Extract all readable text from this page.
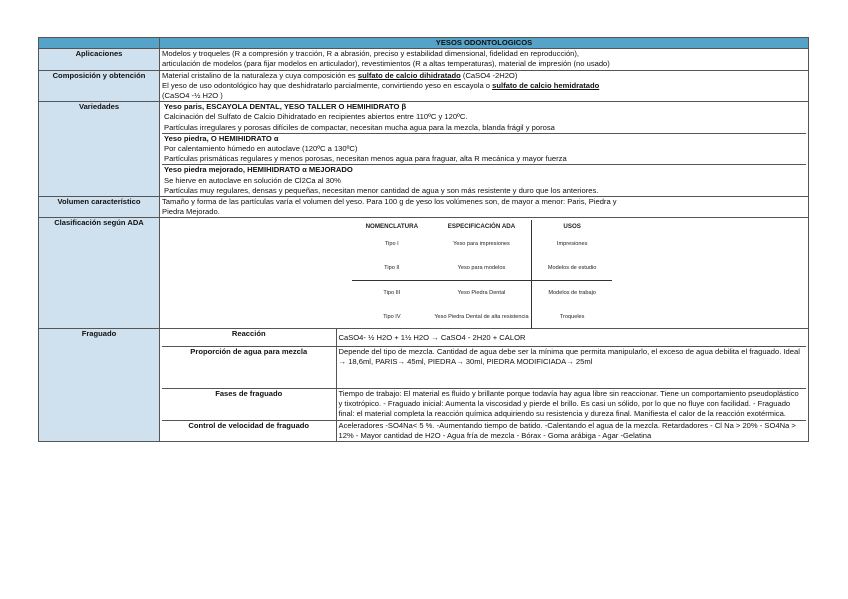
	YESOS ODONTOLOGICOS
Aplicaciones	Modelos y troqueles (R a compresión y tracción, R a abrasión, preciso y estabilidad dimensional, fidelidad en reproducción),
articulación de modelos (para fijar modelos en articulador), revestimientos (R a altas temperaturas), material de impresión (no usado)

Composición y obtención	Material cristalino de la naturaleza y cuya composición es sulfato de calcio dihidratado (CaSO4 -2H2O)
El yeso de uso odontológico hay que deshidratarlo parcialmente, convirtiendo yeso en escayola o sulfato de calcio hemidratado
(CaSO4 -½ H2O )

Variedades	Yeso paris, ESCAYOLA DENTAL, YESO TALLER O HEMIHIDRATO β
Calcinación del Sulfato de Calcio Dihidratado en recipientes abiertos entre 110ºC y 120ºC.
Partículas irregulares y porosas difíciles de compactar, necesitan mucha agua para la mezcla, blanda frágil y porosa
Yeso piedra, O HEMIHIDRATO α
Por calentamiento húmedo en autoclave (120ºC a 130ºC)
Partículas prismáticas regulares y menos porosas, necesitan menos agua para fraguar, alta R mecánica y mayor fuerza
Yeso piedra mejorado, HEMIHIDRATO α MEJORADO
Se hierve en autoclave en solución de Cl2Ca al 30%
Partículas muy regulares, densas y pequeñas, necesitan menor cantidad de agua y son más resistente y duro que los anteriores.

Volumen característico	Tamaño y forma de las partículas varía el volumen del yeso. Para 100 g de yeso los volúmenes son, de mayor a menor: Paris, Piedra y
Piedra Mejorado.

Clasificación según ADA	NOMENCLATURA	ESPECIFICACIÓN ADA	USOS
Tipo I	Yeso para impresiones	Impresiones
Tipo II	Yeso para modelos	Modelos de estudio
Tipo III	Yeso Piedra Dental	Modelos de trabajo
Tipo IV	Yeso Piedra Dental de alta resistencia	Troqueles

Fraguado		Reacción	CaSO4- ½ H2O + 1½ H2O → CaSO4 - 2H20 + CALOR
Proporción de agua para mezcla	Depende del tipo de mezcla. Cantidad de agua debe ser la mínima que permita manipularlo, el exceso de agua debilita el fraguado. Ideal → 18,6ml, PARIS→ 45ml, PIEDRA→ 30ml, PIEDRA MODIFICIADA→ 25ml
Fases de fraguado	Tiempo de trabajo: El material es fluido y brillante porque todavía hay agua libre sin reaccionar. Tiene un comportamiento pseudoplástico y tixotrópico. - Fraguado inicial: Aumenta la viscosidad y pierde el brillo. Es casi un sólido, por lo que no fluye con facilidad. - Fraguado final: el material completa la reacción química adquiriendo su resistencia y dureza final. Manifiesta el calor de la reacción exotérmica.
Control de velocidad de fraguado	Aceleradores -SO4Na< 5 %. -Aumentando tiempo de batido. -Calentando el agua de la mezcla. Retardadores - Cl Na > 20% - SO4Na > 12% - Mayor cantidad de H2O - Agua fría de mezcla - Bórax - Goma arábiga - Agar -Gelatina
